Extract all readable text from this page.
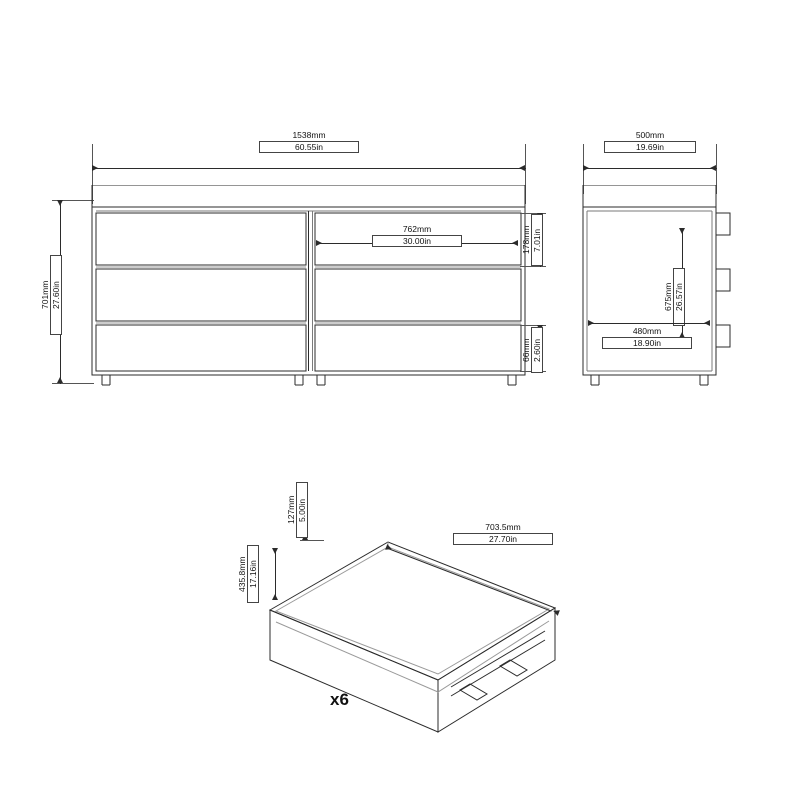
1538mm
60.55in
701mm 27.60in
762mm
30.00in	178mm 7.01in
66mm 2.60in
500mm
19.69in
675mm 26.57in
480mm
18.90in
127mm 5.00in
435.8mm 17.16in
703.5mm
27.70in
x6
